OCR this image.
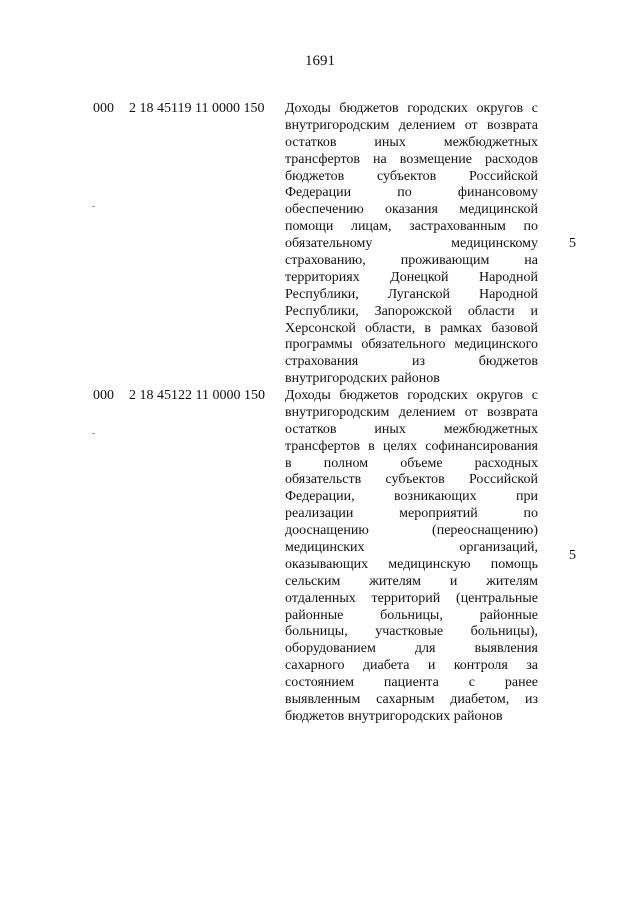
1691
000 2 18 45119 11 0000 150 Доходы бюджетов городских округов с
внутригородским делением от возврата
остатков иных межбюджетных
трансфертов на возмещение расходов
бюджетов субъектов Российской
Федерации по финансовому
обеспечению оказания медицинской
помощи лицам, застрахованным по
обязательному медицинскому
страхованию, проживающим на
территориях Донецкой Народной
Республики, Луганской Народной
Республики, Запорожской области и
Херсонской области, в рамках базовой
программы обязательного медицинского
страхования из бюджетов
внутригородских районов
5
000 2 18 45122 11 0000 150 Доходы бюджетов городских округов с
внутригородским делением от возврата
остатков иных межбюджетных
трансфертов в целях софинансирования
в полном объеме расходных
обязательств субъектов Российской
Федерации, возникающих при
реализации мероприятий по
дооснащению (переоснащению)
медицинских организаций,
оказывающих медицинскую помощь
сельским жителям и жителям
отдаленных территорий (центральные
районные больницы, районные
больницы, участковые больницы),
оборудованием для выявления
сахарного диабета и контроля за
состоянием пациента с ранее
выявленным сахарным диабетом, из
бюджетов внутригородских районов
5
